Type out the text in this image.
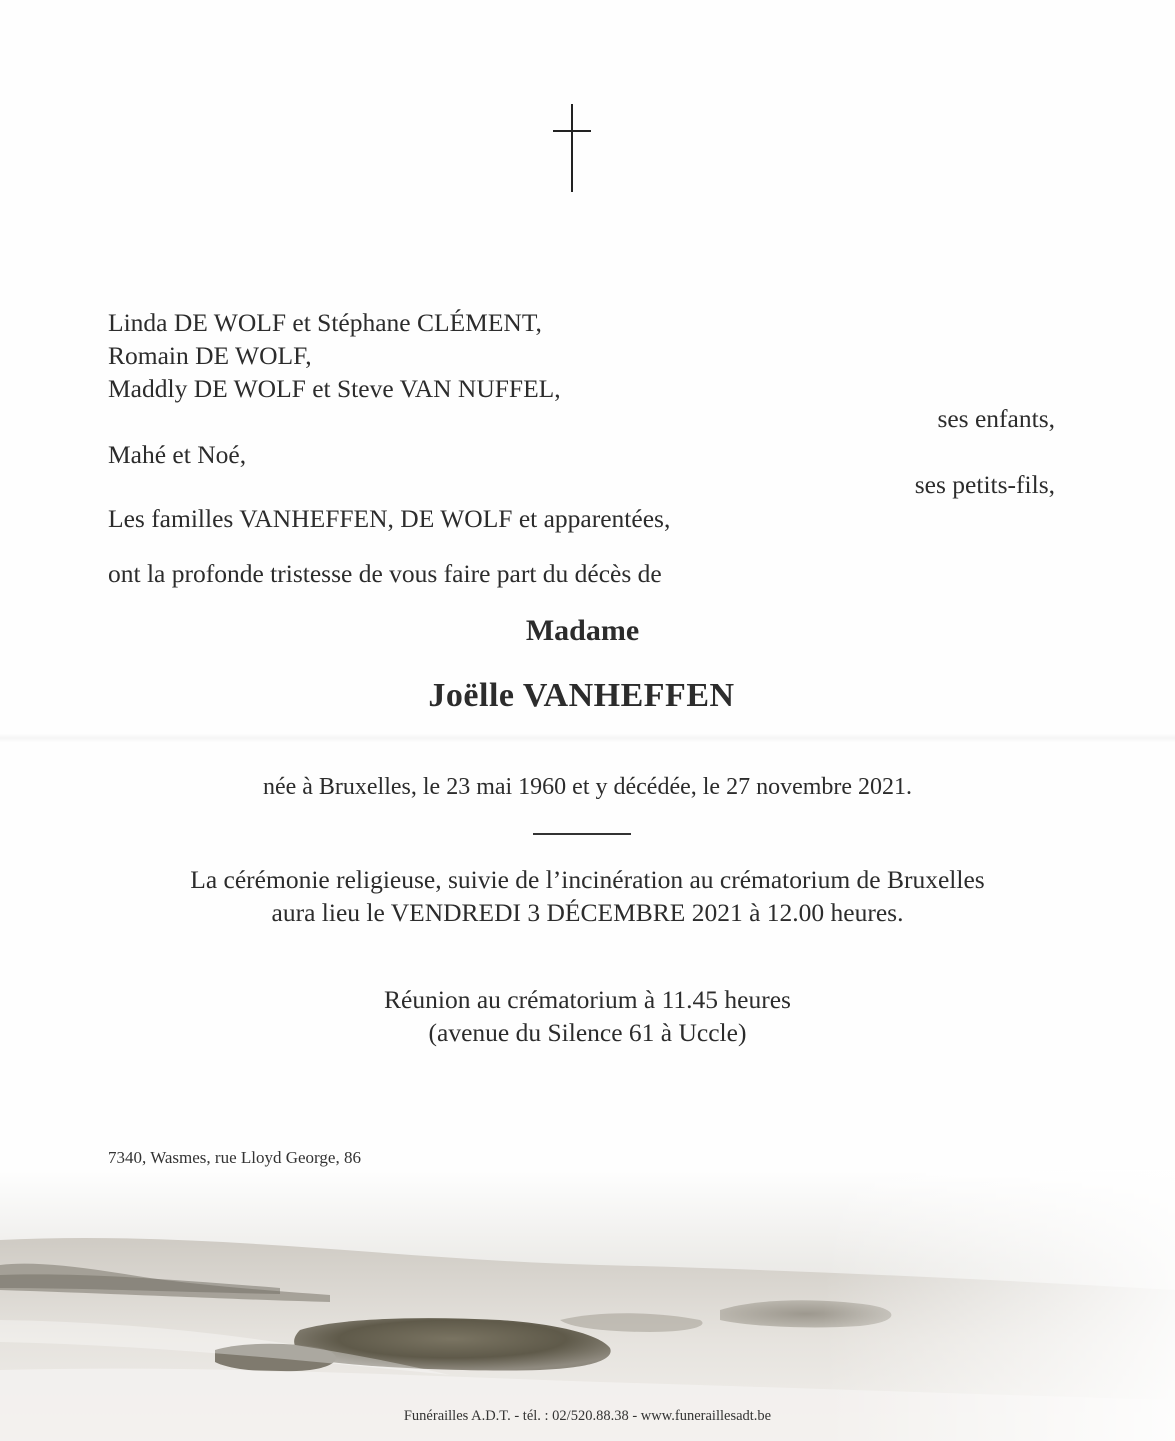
Linda DE WOLF et Stéphane CLÉMENT,
Romain DE WOLF,
Maddly DE WOLF et Steve VAN NUFFEL,
ses enfants,
Mahé et Noé,
ses petits-fils,
Les familles VANHEFFEN, DE WOLF et apparentées,
ont la profonde tristesse de vous faire part du décès de
Madame
Joëlle VANHEFFEN
née à Bruxelles, le 23 mai 1960 et y décédée, le 27 novembre 2021.
La cérémonie religieuse, suivie de l’incinération au crématorium de Bruxelles
aura lieu le VENDREDI 3 DÉCEMBRE 2021 à 12.00 heures.
Réunion au crématorium à 11.45 heures
(avenue du Silence 61 à Uccle)
7340, Wasmes, rue Lloyd George, 86
Funérailles A.D.T. - tél. : 02/520.88.38 - www.funeraillesadt.be
